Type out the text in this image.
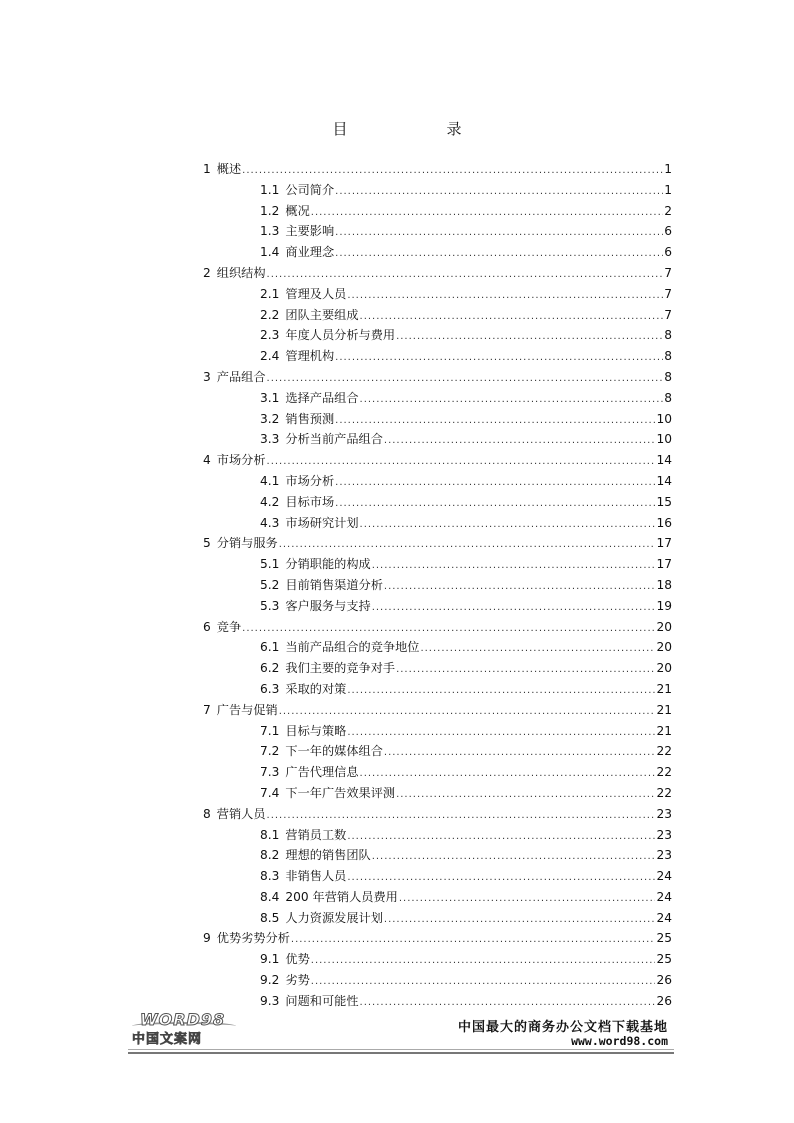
目　录
1 概述 .....	1
1.1 公司简介 .....	1
1.2 概况 .....	2
1.3 主要影响 .....	6
1.4 商业理念 .....	6
2 组织结构 .....	7
2.1 管理及人员 .....	7
2.2 团队主要组成 .....	7
2.3 年度人员分析与费用 .....	8
2.4 管理机构 .....	8
3 产品组合 .....	8
3.1 选择产品组合 .....	8
3.2 销售预测 .....	10
3.3 分析当前产品组合 .....	10
4 市场分析 .....	14
4.1 市场分析 .....	14
4.2 目标市场 .....	15
4.3 市场研究计划 .....	16
5 分销与服务 .....	17
5.1 分销职能的构成 .....	17
5.2 目前销售渠道分析 .....	18
5.3 客户服务与支持 .....	19
6 竞争 .....	20
6.1 当前产品组合的竞争地位 .....	20
6.2 我们主要的竞争对手 .....	20
6.3 采取的对策 .....	21
7 广告与促销 .....	21
7.1 目标与策略 .....	21
7.2 下一年的媒体组合 .....	22
7.3 广告代理信息 .....	22
7.4 下一年广告效果评测 .....	22
8 营销人员 .....	23
8.1 营销员工数 .....	23
8.2 理想的销售团队 .....	23
8.3 非销售人员 .....	24
8.4 200 年营销人员费用 .....	24
8.5 人力资源发展计划 .....	24
9 优势劣势分析 .....	25
9.1 优势 .....	25
9.2 劣势 .....	26
9.3 问题和可能性 .....	26
WORD98
中国文案网
中国最大的商务办公文档下载基地
www.word98.com
